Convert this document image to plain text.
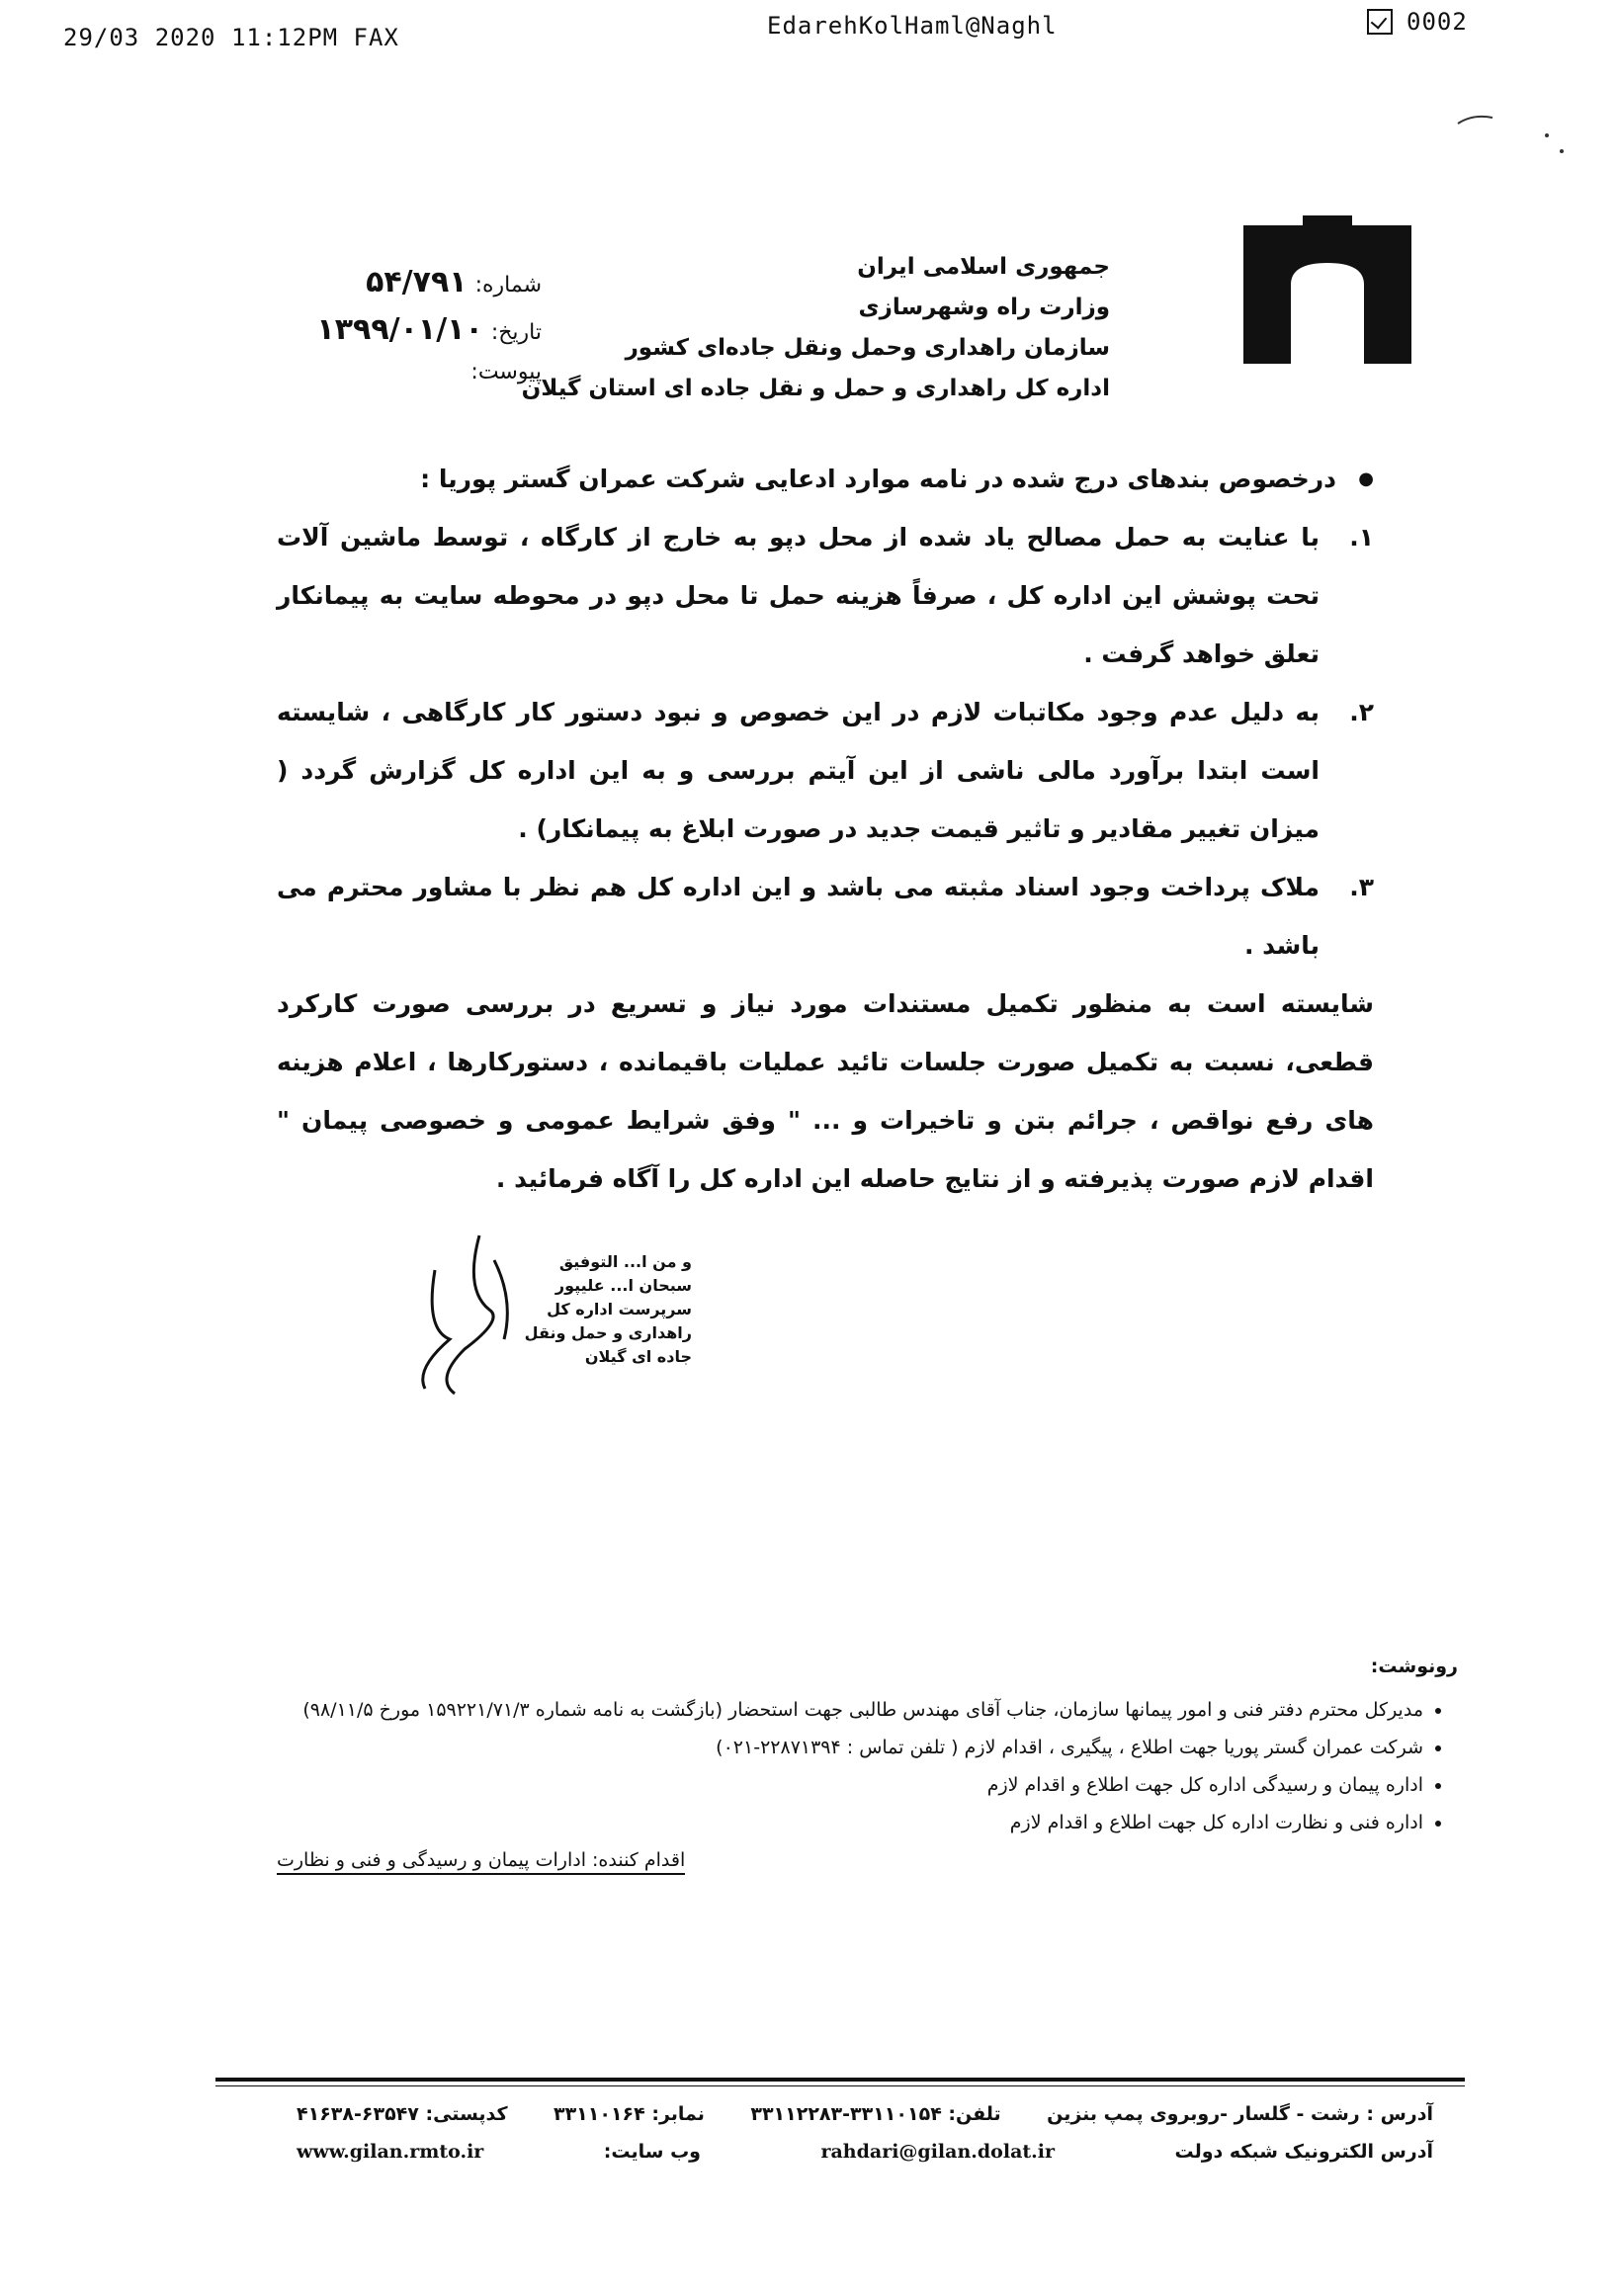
29/03 2020 11:12PM FAX	EdarehKolHaml@Naghl	0002
جمهوری اسلامی ایران
وزارت راه وشهرسازی
سازمان راهداری وحمل ونقل جاده‌ای کشور
اداره کل راهداری و حمل و نقل جاده ای استان گیلان
شماره:
۵۴/۷۹۱
تاریخ:
۱۳۹۹/۰۱/۱۰
پیوست:

● درخصوص بندهای درج شده در نامه موارد ادعایی شرکت عمران گستر پوریا :

۱.

با عنایت به حمل مصالح یاد شده از محل دپو به خارج از کارگاه ، توسط ماشین آلات تحت پوشش این اداره کل ، صرفاً هزینه حمل تا محل دپو در محوطه سایت به پیمانکار تعلق خواهد گرفت .

۲.

به دلیل عدم وجود مکاتبات لازم در این خصوص و نبود دستور کار کارگاهی ، شایسته است ابتدا برآورد مالی ناشی از این آیتم بررسی و به این اداره کل گزارش گردد ( میزان تغییر مقادیر و تاثیر قیمت جدید در صورت ابلاغ به پیمانکار) .

۳.

ملاک پرداخت وجود اسناد مثبته می باشد و این اداره کل هم نظر با مشاور محترم می باشد .

شایسته است به منظور تکمیل مستندات مورد نیاز و تسریع در بررسی صورت کارکرد قطعی، نسبت به تکمیل صورت جلسات تائید عملیات باقیمانده ، دستورکارها ، اعلام هزینه های رفع نواقص ، جرائم بتن و تاخیرات و ... " وفق شرایط عمومی و خصوصی پیمان " اقدام لازم صورت پذیرفته و از نتایج حاصله این اداره کل را آگاه فرمائید .

و من ا... التوفیق
سبحان ا... علیپور
سرپرست اداره کل
راهداری و حمل ونقل جاده ای گیلان
رونوشت:
• مدیرکل محترم دفتر فنی و امور پیمانها سازمان، جناب آقای مهندس طالبی جهت استحضار (بازگشت به نامه شماره ۱۵۹۲۲۱/۷۱/۳ مورخ ۹۸/۱۱/۵)
• شرکت عمران گستر پوریا جهت اطلاع ، پیگیری ، اقدام لازم ( تلفن تماس : ۲۲۸۷۱۳۹۴-۰۲۱)
• اداره پیمان و رسیدگی اداره کل جهت اطلاع و اقدام لازم
• اداره فنی و نظارت اداره کل جهت اطلاع و اقدام لازم
اقدام کننده: ادارات پیمان و رسیدگی و فنی و نظارت
آدرس : رشت - گلسار -روبروی پمپ بنزین
تلفن: ۳۳۱۱۰۱۵۴-۳۳۱۱۲۲۸۳
نمابر: ۳۳۱۱۰۱۶۴
کدپستی: ۶۳۵۴۷-۴۱۶۳۸
آدرس الکترونیک شبکه دولت
rahdari@gilan.dolat.ir
وب سایت:
www.gilan.rmto.ir
